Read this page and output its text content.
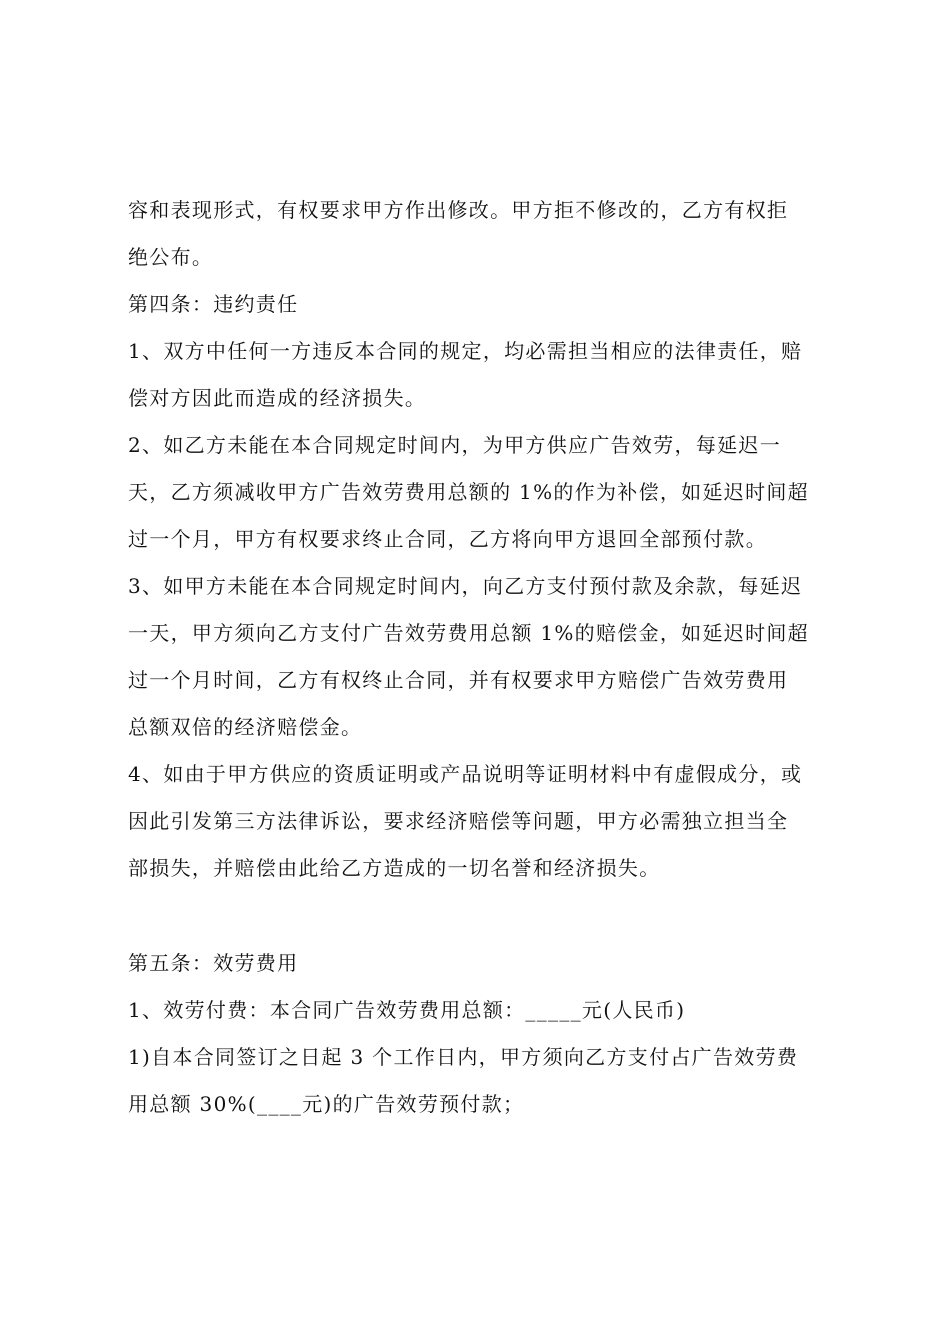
容和表现形式，有权要求甲方作出修改。甲方拒不修改的，乙方有权拒
绝公布。
第四条：违约责任
1、双方中任何一方违反本合同的规定，均必需担当相应的法律责任，赔
偿对方因此而造成的经济损失。
2、如乙方未能在本合同规定时间内，为甲方供应广告效劳，每延迟一
天，乙方须减收甲方广告效劳费用总额的 1%的作为补偿，如延迟时间超
过一个月，甲方有权要求终止合同，乙方将向甲方退回全部预付款。
3、如甲方未能在本合同规定时间内，向乙方支付预付款及余款，每延迟
一天，甲方须向乙方支付广告效劳费用总额 1%的赔偿金，如延迟时间超
过一个月时间，乙方有权终止合同，并有权要求甲方赔偿广告效劳费用
总额双倍的经济赔偿金。
4、如由于甲方供应的资质证明或产品说明等证明材料中有虚假成分，或
因此引发第三方法律诉讼，要求经济赔偿等问题，甲方必需独立担当全
部损失，并赔偿由此给乙方造成的一切名誉和经济损失。
第五条：效劳费用
1、效劳付费：本合同广告效劳费用总额：_____元(人民币)
1)自本合同签订之日起 3 个工作日内，甲方须向乙方支付占广告效劳费
用总额 30%(____元)的广告效劳预付款；
